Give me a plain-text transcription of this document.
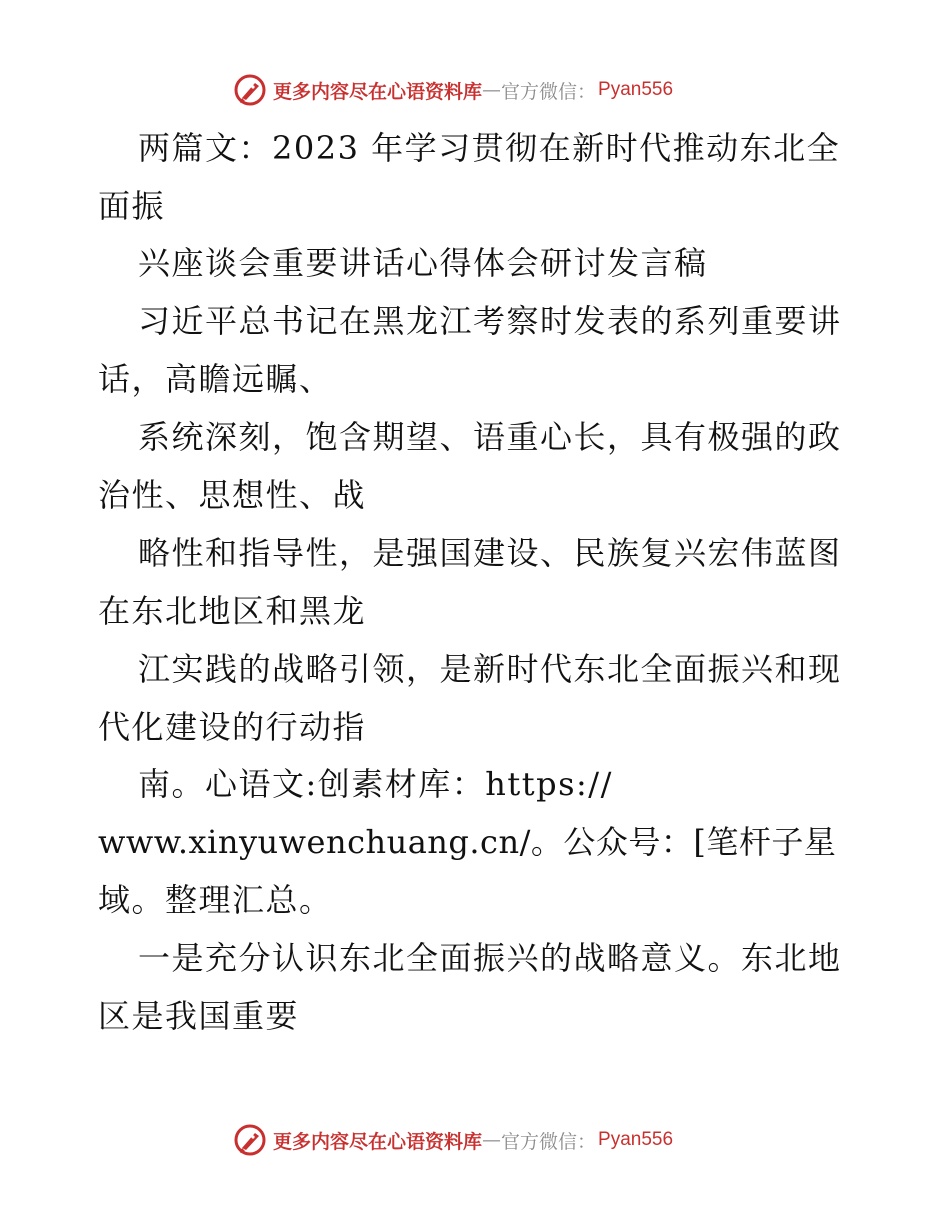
更多内容尽在心语资料库 — 官方微信： Pyan556
两篇文：2023 年学习贯彻在新时代推动东北全
面振
兴座谈会重要讲话心得体会研讨发言稿
习近平总书记在黑龙江考察时发表的系列重要讲
话，高瞻远瞩、
系统深刻，饱含期望、语重心长，具有极强的政
治性、思想性、战
略性和指导性，是强国建设、民族复兴宏伟蓝图
在东北地区和黑龙
江实践的战略引领，是新时代东北全面振兴和现
代化建设的行动指
南。心语文:创素材库：https://
www.xinyuwenchuang.cn/。公众号：[笔杆子星
域。整理汇总。
一是充分认识东北全面振兴的战略意义。东北地
区是我国重要
更多内容尽在心语资料库 — 官方微信： Pyan556
